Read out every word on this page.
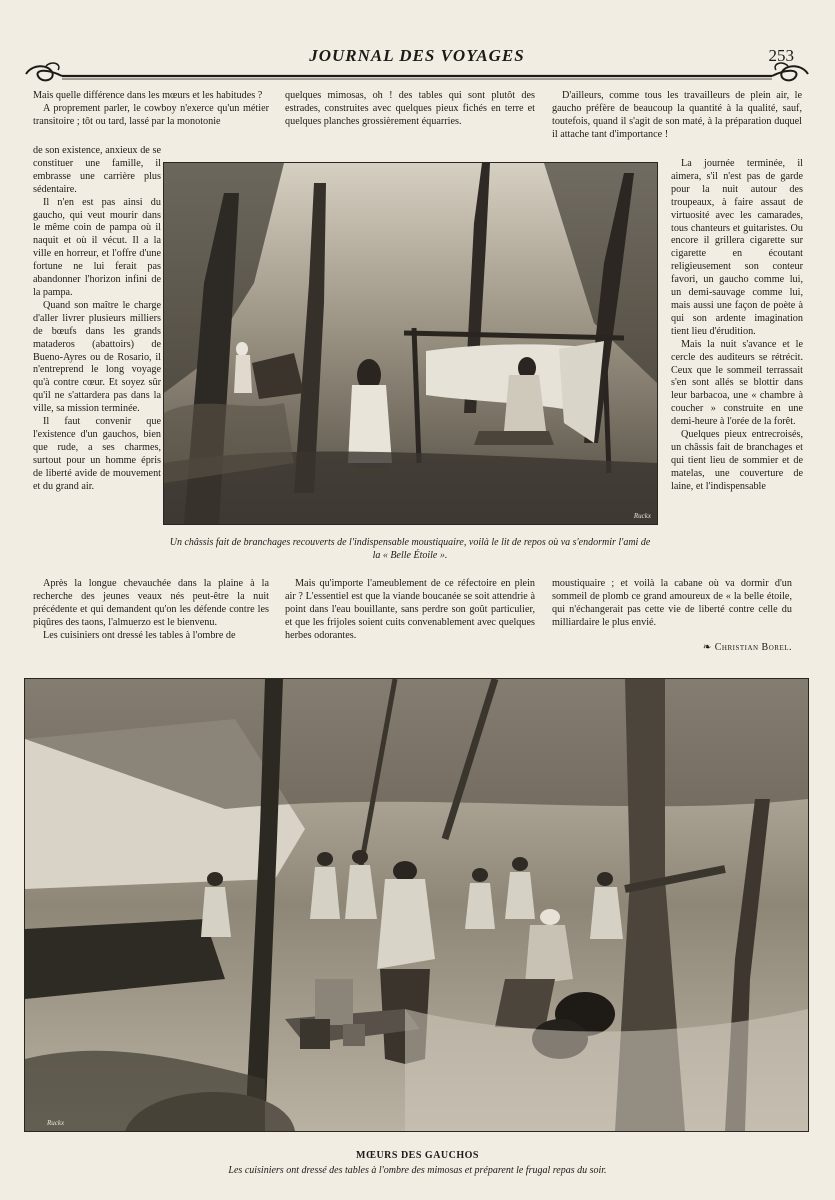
JOURNAL DES VOYAGES	253

Mais quelle différence dans les mœurs et les habitudes ?

A proprement parler, le cowboy n'exerce qu'un métier transitoire ; tôt ou tard, lassé par la monotonie

de son existence, anxieux de se constituer une famille, il embrasse une carrière plus sédentaire.

Il n'en est pas ainsi du gaucho, qui veut mourir dans le même coin de pampa où il naquit et où il vécut. Il a la ville en horreur, et l'offre d'une fortune ne lui ferait pas abandonner l'horizon infini de la pampa.

Quand son maître le charge d'aller livrer plusieurs milliers de bœufs dans les grands mataderos (abattoirs) de Bueno-Ayres ou de Rosario, il n'entreprend le long voyage qu'à contre cœur. Et soyez sûr qu'il ne s'attardera pas dans la ville, sa mission terminée.

Il faut convenir que l'existence d'un gauchos, bien que rude, a ses charmes, surtout pour un homme épris de liberté avide de mouvement et du grand air.

quelques mimosas, oh ! des tables qui sont plutôt des estrades, construites avec quelques pieux fichés en terre et quelques planches grossièrement équarries.

D'ailleurs, comme tous les travailleurs de plein air, le gaucho préfère de beaucoup la quantité à la qualité, sauf, toutefois, quand il s'agit de son maté, à la préparation duquel il attache tant d'importance !

La journée terminée, il aimera, s'il n'est pas de garde pour la nuit autour des troupeaux, à faire assaut de virtuosité avec les camarades, tous chanteurs et guitaristes. Ou encore il grillera cigarette sur cigarette en écoutant religieusement son conteur favori, un gaucho comme lui, un demi-sauvage comme lui, mais aussi une façon de poète à qui son ardente imagination tient lieu d'érudition.

Mais la nuit s'avance et le cercle des auditeurs se rétrécit. Ceux que le sommeil terrassait s'en sont allés se blottir dans leur barbacoa, une « chambre à coucher » construite en une demi-heure à l'orée de la forêt.

Quelques pieux entrecroisés, un châssis fait de branchages et qui tient lieu de sommier et de matelas, une couverture de laine, et l'indispensable

Ruckx
Un châssis fait de branchages recouverts de l'indispensable moustiquaire, voilà le lit de repos où va s'endormir l'ami de la « Belle Étoile ».

Après la longue chevauchée dans la plaine à la recherche des jeunes veaux nés peut-être la nuit précédente et qui demandent qu'on les défende contre les piqûres des taons, l'almuerzo est le bienvenu.

Les cuisiniers ont dressé les tables à l'ombre de

Mais qu'importe l'ameublement de ce réfectoire en plein air ? L'essentiel est que la viande boucanée se soit attendrie à point dans l'eau bouillante, sans perdre son goût particulier, et que les frijoles soient cuits convenablement avec quelques herbes odorantes.

moustiquaire ; et voilà la cabane où va dormir d'un sommeil de plomb ce grand amoureux de « la belle étoile, qui n'échangerait pas cette vie de liberté contre celle du milliardaire le plus envié.

❧ Christian Borel.
Ruckx
MŒURS DES GAUCHOS
Les cuisiniers ont dressé des tables à l'ombre des mimosas et préparent le frugal repas du soir.
